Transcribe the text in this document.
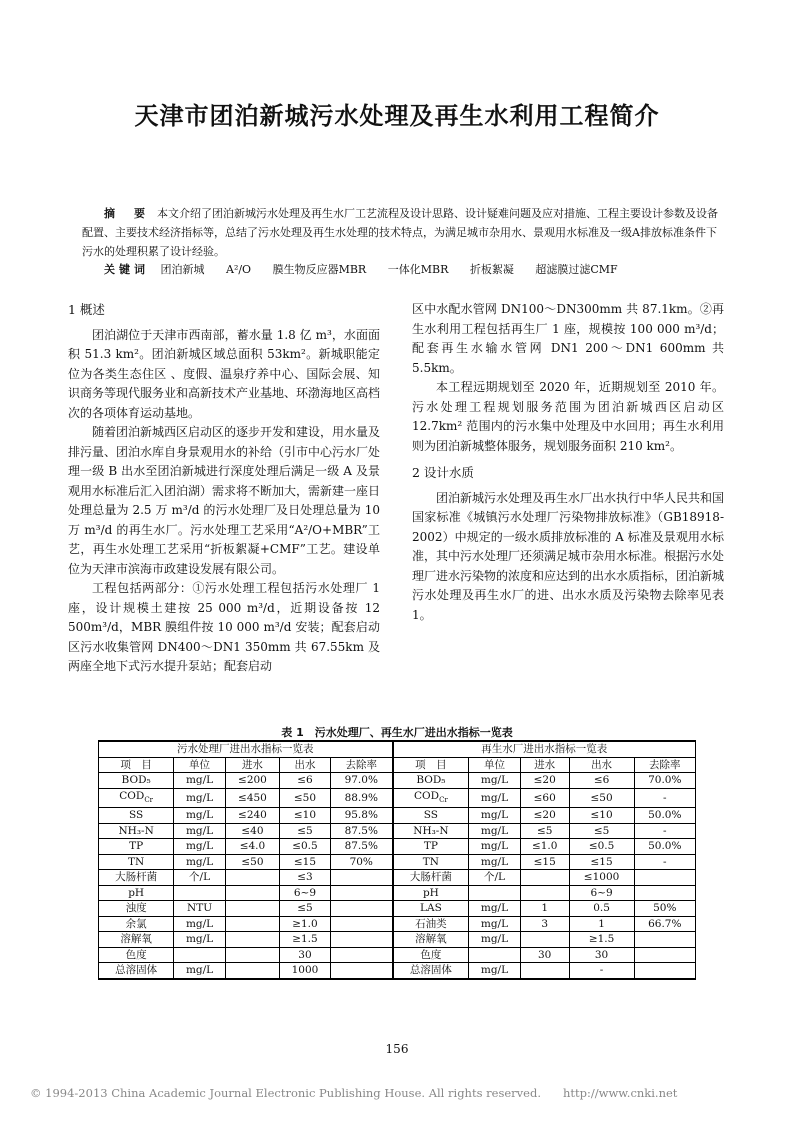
天津市团泊新城污水处理及再生水利用工程简介
摘　要 本文介绍了团泊新城污水处理及再生水厂工艺流程及设计思路、设计疑难问题及应对措施、工程主要设计参数及设备配置、主要技术经济指标等，总结了污水处理及再生水处理的技术特点，为满足城市杂用水、景观用水标准及一级A排放标准条件下污水的处理积累了设计经验。
关键词 团泊新城 A²/O 膜生物反应器MBR 一体化MBR 折板絮凝 超滤膜过滤CMF
1 概述

团泊湖位于天津市西南部，蓄水量 1.8 亿 m³，水面面积 51.3 km²。团泊新城区域总面积 53km²。新城职能定位为各类生态住区 、度假、温泉疗养中心、国际会展、知识商务等现代服务业和高新技术产业基地、环渤海地区高档次的各项体育运动基地。

随着团泊新城西区启动区的逐步开发和建设，用水量及排污量、团泊水库自身景观用水的补给（引市中心污水厂处理一级 B 出水至团泊新城进行深度处理后满足一级 A 及景观用水标准后汇入团泊湖）需求将不断加大，需新建一座日处理总量为 2.5 万 m³/d 的污水处理厂及日处理总量为 10 万 m³/d 的再生水厂。污水处理工艺采用“A²/O+MBR”工艺，再生水处理工艺采用“折板絮凝+CMF”工艺。建设单位为天津市滨海市政建设发展有限公司。

工程包括两部分：①污水处理工程包括污水处理厂 1 座，设计规模土建按 25 000 m³/d，近期设备按 12 500m³/d，MBR 膜组件按 10 000 m³/d 安装；配套启动区污水收集管网 DN400～DN1 350mm 共 67.55km 及两座全地下式污水提升泵站；配套启动

区中水配水管网 DN100～DN300mm 共 87.1km。②再生水利用工程包括再生厂 1 座，规模按 100 000 m³/d；配套再生水输水管网 DN1 200～DN1 600mm 共 5.5km。

本工程远期规划至 2020 年，近期规划至 2010 年。污水处理工程规划服务范围为团泊新城西区启动区 12.7km² 范围内的污水集中处理及中水回用；再生水利用则为团泊新城整体服务，规划服务面积 210 km²。

2 设计水质

团泊新城污水处理及再生水厂出水执行中华人民共和国国家标准《城镇污水处理厂污染物排放标准》（GB18918-2002）中规定的一级水质排放标准的 A 标准及景观用水标准，其中污水处理厂还须满足城市杂用水标准。根据污水处理厂进水污染物的浓度和应达到的出水水质指标，团泊新城污水处理及再生水厂的进、出水水质及污染物去除率见表 1。

表 1　污水处理厂、再生水厂进出水指标一览表
污水处理厂进出水指标一览表					再生水厂进出水指标一览表				
项　目	单位	进水	出水	去除率	项　目	单位	进水	出水	去除率
BOD₅	mg/L	≤200	≤6	97.0%	BOD₅	mg/L	≤20	≤6	70.0%
$COD_{Cr}$	mg/L	≤450	≤50	88.9%	$COD_{Cr}$	mg/L	≤60	≤50	-
SS	mg/L	≤240	≤10	95.8%	SS	mg/L	≤20	≤10	50.0%
NH₃-N	mg/L	≤40	≤5	87.5%	NH₃-N	mg/L	≤5	≤5	-
TP	mg/L	≤4.0	≤0.5	87.5%	TP	mg/L	≤1.0	≤0.5	50.0%
TN	mg/L	≤50	≤15	70%	TN	mg/L	≤15	≤15	-
大肠杆菌	个/L		≤3		大肠杆菌	个/L		≤1000	
pH			6~9		pH			6~9	
浊度	NTU		≤5		LAS	mg/L	1	0.5	50%
余氯	mg/L		≥1.0		石油类	mg/L	3	1	66.7%
溶解氧	mg/L		≥1.5		溶解氧	mg/L		≥1.5	
色度			30		色度		30	30	
总溶固体	mg/L		1000		总溶固体	mg/L		-	
156
© 1994-2013 China Academic Journal Electronic Publishing House. All rights reserved. http://www.cnki.net
